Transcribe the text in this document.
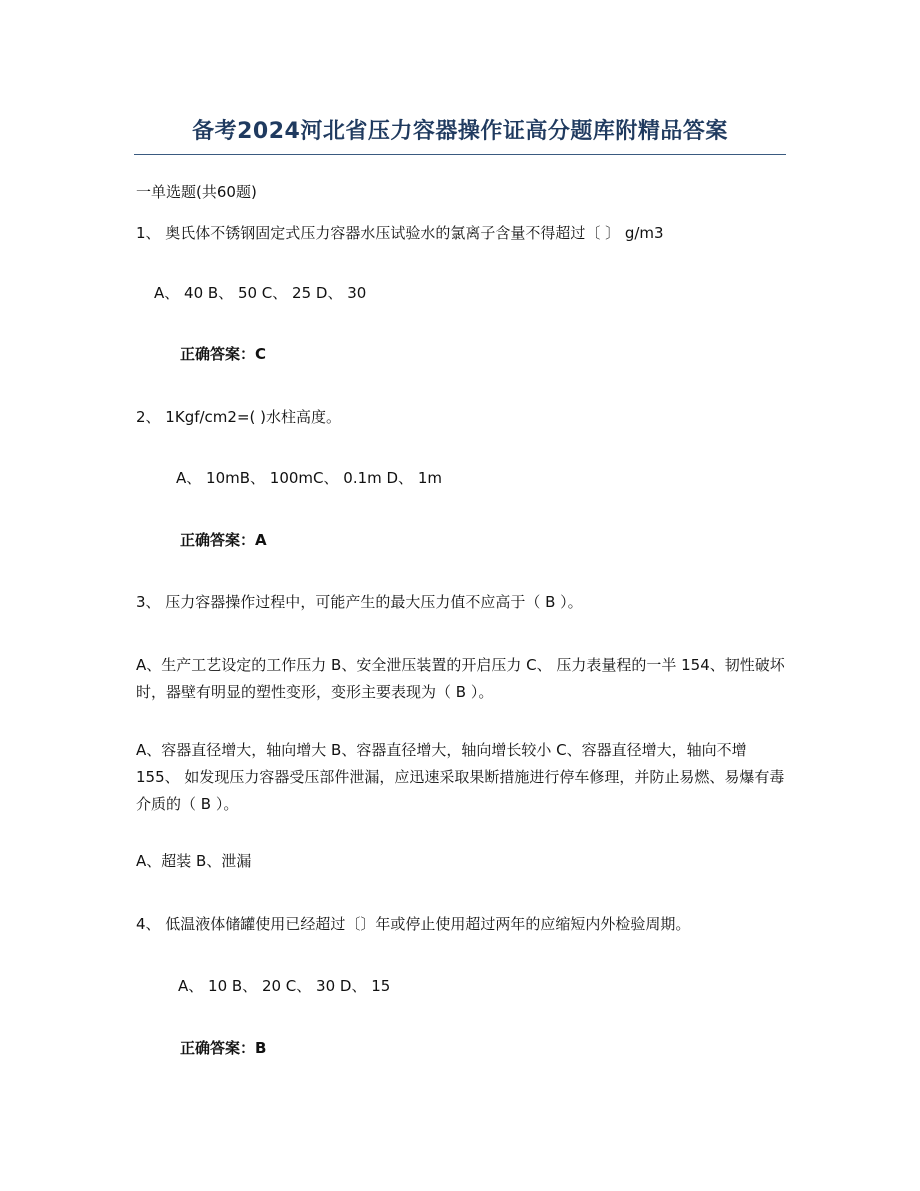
备考2024河北省压力容器操作证高分题库附精品答案
一单选题(共60题)
1、 奥氏体不锈钢固定式压力容器水压试验水的氯离子含量不得超过〔 〕 g/m3
A、 40 B、 50 C、 25 D、 30
正确答案：C
2、 1Kgf/cm2=( )水柱高度。
A、 10mB、 100mC、 0.1m D、 1m
正确答案：A
3、 压力容器操作过程中，可能产生的最大压力值不应高于（ B ）。
A、生产工艺设定的工作压力 B、安全泄压装置的开启压力 C、 压力表量程的一半 154、韧性破坏时，器壁有明显的塑性变形，变形主要表现为（ B ）。
A、容器直径增大，轴向增大 B、容器直径增大，轴向增长较小 C、容器直径增大，轴向不增 155、 如发现压力容器受压部件泄漏，应迅速采取果断措施进行停车修理，并防止易燃、易爆有毒介质的（ B ）。
A、超装 B、泄漏
4、 低温液体储罐使用已经超过〔〕年或停止使用超过两年的应缩短内外检验周期。
A、 10 B、 20 C、 30 D、 15
正确答案：B
